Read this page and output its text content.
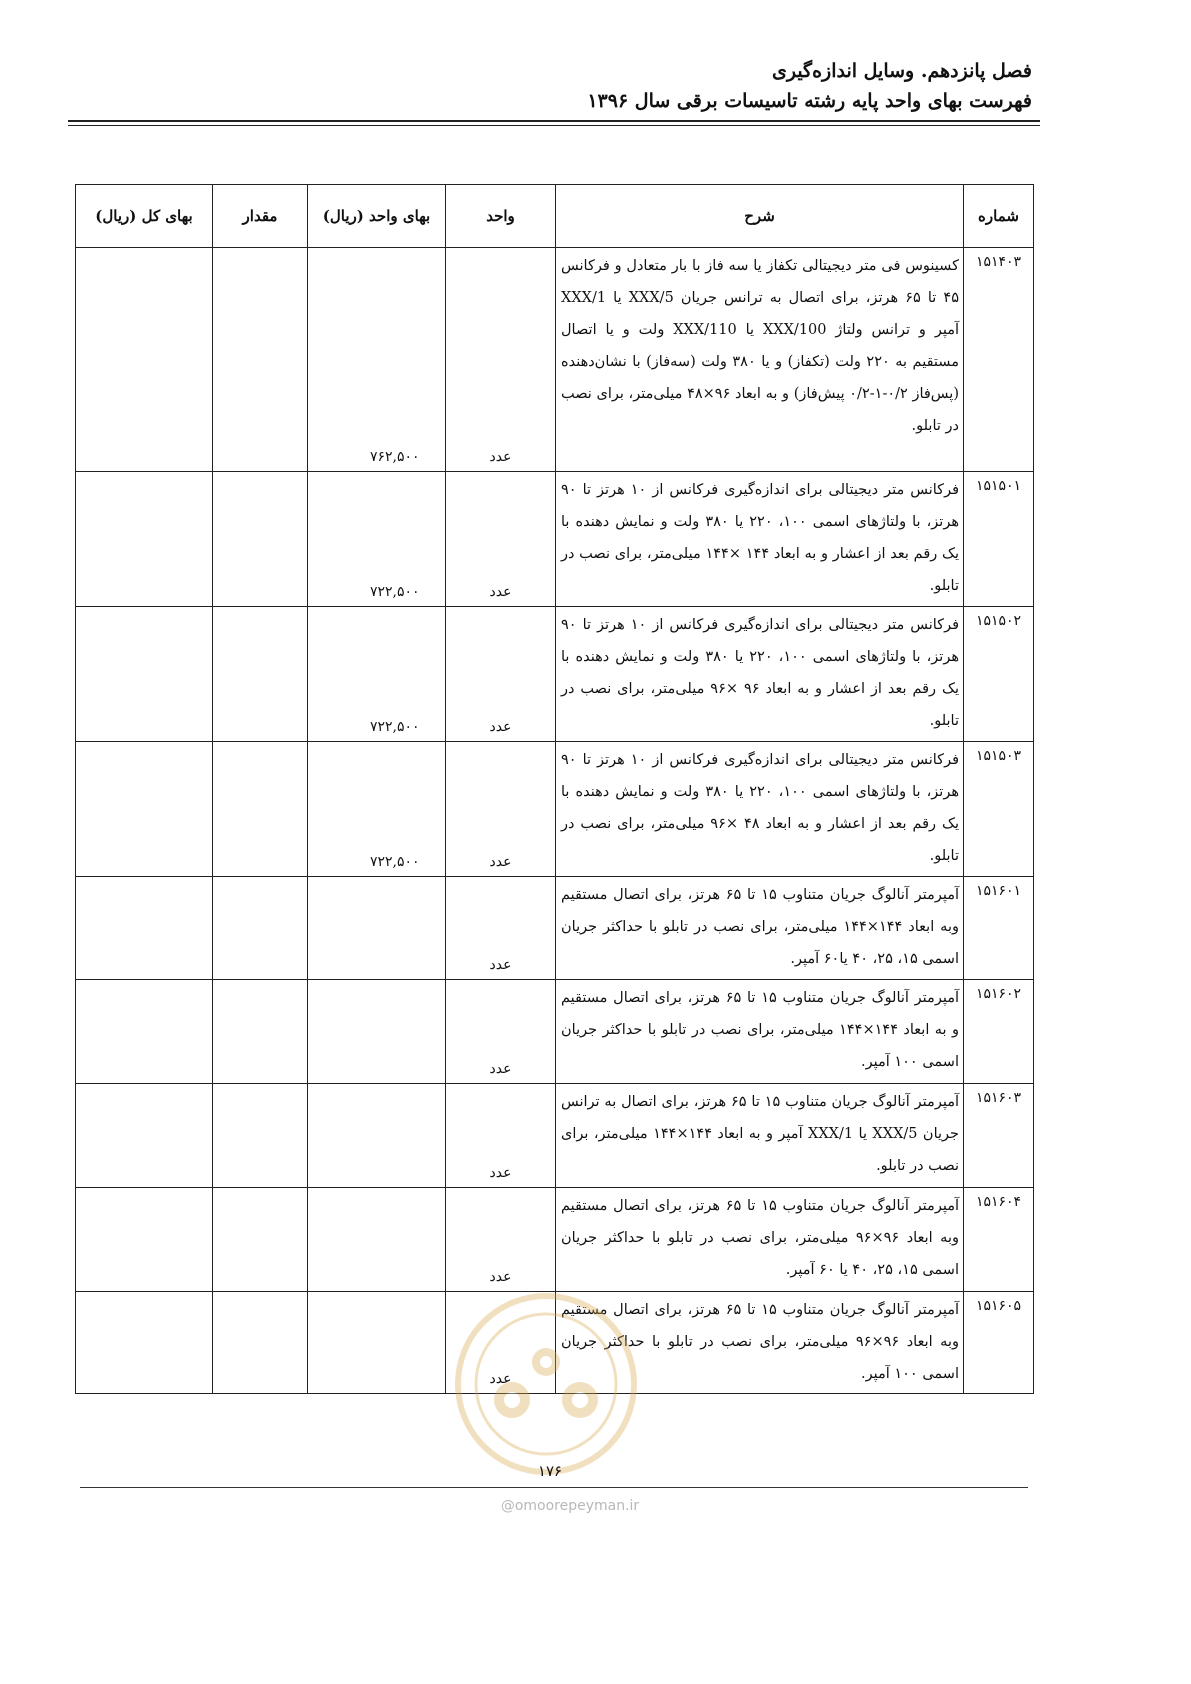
فصل پانزدهم. وسایل اندازه‌گیری
فهرست بهای واحد پایه رشته تاسیسات برقی سال ۱۳۹۶
شماره	شرح	واحد	بهای واحد (ریال)	مقدار	بهای کل (ریال)
۱۵۱۴۰۳	کسینوس فی متر دیجیتالی تکفاز یا سه فاز با بار متعادل و فرکانس ۴۵ تا ۶۵ هرتز، برای اتصال به ترانس جریان XXX/5 یا XXX/1 آمپر و ترانس ولتاژ XXX/100 یا XXX/110 ولت و یا اتصال مستقیم به ۲۲۰ ولت (تکفاز) و یا ۳۸۰ ولت (سه‌فاز) با نشان‌دهنده (پس‌فاز ۰/۲-۱-۰/۲ پیش‌فاز) و به ابعاد ۹۶×۴۸ میلی‌متر، برای نصب در تابلو.	عدد	۷۶۲,۵۰۰		
۱۵۱۵۰۱	فرکانس متر دیجیتالی برای اندازه‌گیری فرکانس از ۱۰ هرتز تا ۹۰ هرتز، با ولتاژهای اسمی ۱۰۰، ۲۲۰ یا ۳۸۰ ولت و نمایش دهنده با یک رقم بعد از اعشار و به ابعاد ۱۴۴ ×۱۴۴ میلی‌متر، برای نصب در تابلو.	عدد	۷۲۲,۵۰۰		
۱۵۱۵۰۲	فرکانس متر دیجیتالی برای اندازه‌گیری فرکانس از ۱۰ هرتز تا ۹۰ هرتز، با ولتاژهای اسمی ۱۰۰، ۲۲۰ یا ۳۸۰ ولت و نمایش دهنده با یک رقم بعد از اعشار و به ابعاد ۹۶ ×۹۶ میلی‌متر، برای نصب در تابلو.	عدد	۷۲۲,۵۰۰		
۱۵۱۵۰۳	فرکانس متر دیجیتالی برای اندازه‌گیری فرکانس از ۱۰ هرتز تا ۹۰ هرتز، با ولتاژهای اسمی ۱۰۰، ۲۲۰ یا ۳۸۰ ولت و نمایش دهنده با یک رقم بعد از اعشار و به ابعاد ۴۸ ×۹۶ میلی‌متر، برای نصب در تابلو.	عدد	۷۲۲,۵۰۰		
۱۵۱۶۰۱	آمپرمتر آنالوگ جریان متناوب ۱۵ تا ۶۵ هرتز، برای اتصال مستقیم وبه ابعاد ۱۴۴×۱۴۴ میلی‌متر، برای نصب در تابلو با حداکثر جریان اسمی ۱۵، ۲۵، ۴۰ یا۶۰ آمپر.	عدد			
۱۵۱۶۰۲	آمپرمتر آنالوگ جریان متناوب ۱۵ تا ۶۵ هرتز، برای اتصال مستقیم و به ابعاد ۱۴۴×۱۴۴ میلی‌متر، برای نصب در تابلو با حداکثر جریان اسمی ۱۰۰ آمپر.	عدد			
۱۵۱۶۰۳	آمپرمتر آنالوگ جریان متناوب ۱۵ تا ۶۵ هرتز، برای اتصال به ترانس جریان XXX/5 یا XXX/1 آمپر و به ابعاد ۱۴۴×۱۴۴ میلی‌متر، برای نصب در تابلو.	عدد			
۱۵۱۶۰۴	آمپرمتر آنالوگ جریان متناوب ۱۵ تا ۶۵ هرتز، برای اتصال مستقیم وبه ابعاد ۹۶×۹۶ میلی‌متر، برای نصب در تابلو با حداکثر جریان اسمی ۱۵، ۲۵، ۴۰ یا ۶۰ آمپر.	عدد			
۱۵۱۶۰۵	آمپرمتر آنالوگ جریان متناوب ۱۵ تا ۶۵ هرتز، برای اتصال مستقیم وبه ابعاد ۹۶×۹۶ میلی‌متر، برای نصب در تابلو با حداکثر جریان اسمی ۱۰۰ آمپر.	عدد			
۱۷۶
@omoorepeyman.ir
